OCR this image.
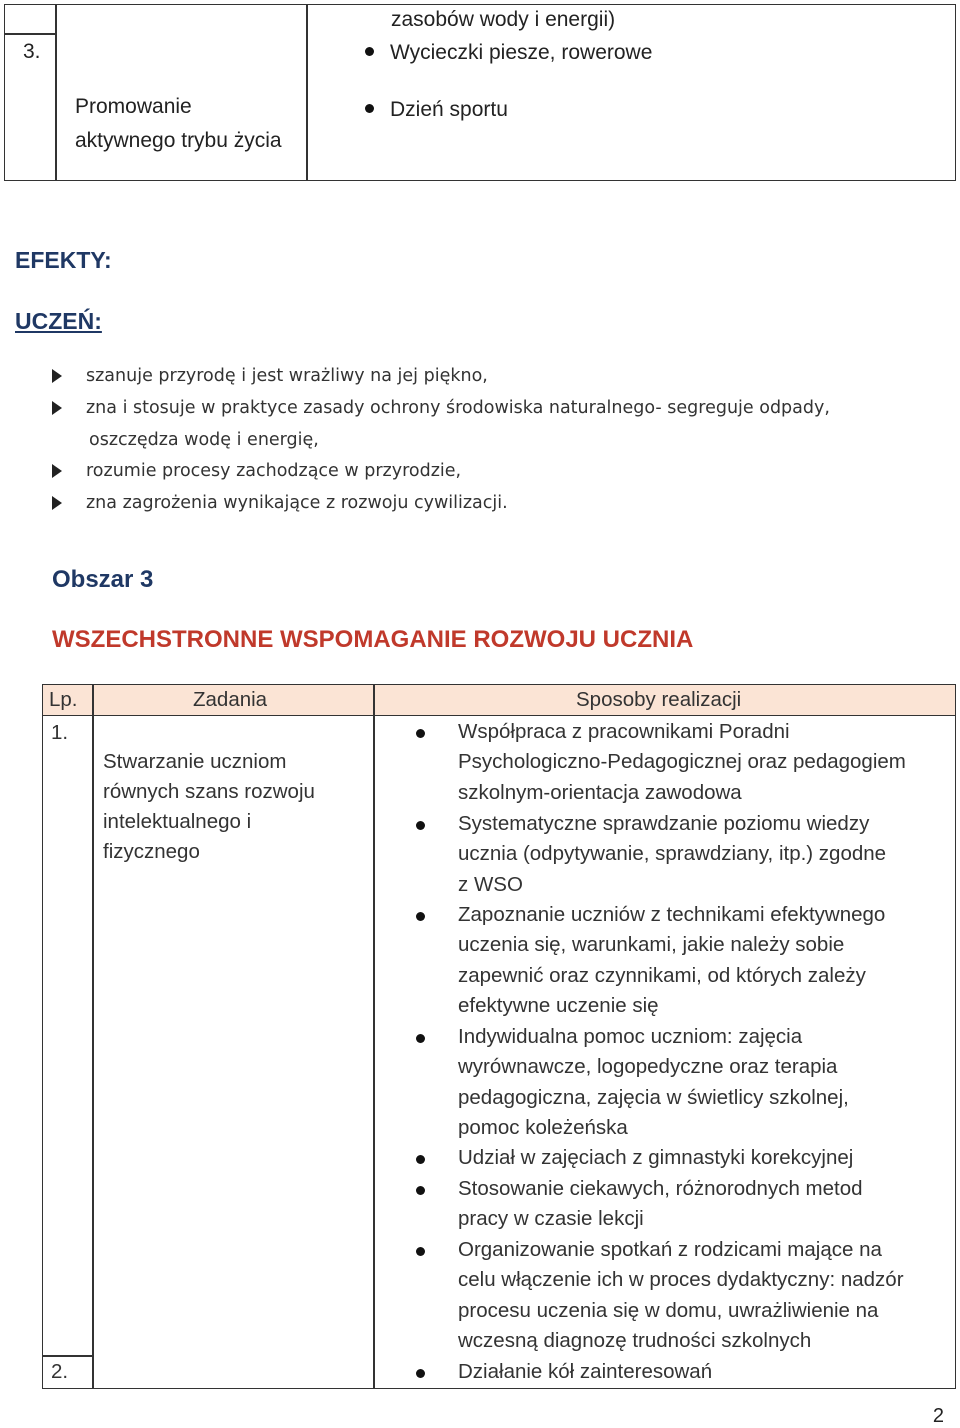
3.
zasobów wody i energii)
Wycieczki piesze, rowerowe
Dzień sportu
Promowanie
aktywnego trybu życia
EFEKTY:
UCZEŃ:
szanuje przyrodę i jest wrażliwy na jej piękno,
zna i stosuje w praktyce zasady ochrony środowiska naturalnego- segreguje odpady,
oszczędza wodę i energię,
rozumie procesy zachodzące w przyrodzie,
zna zagrożenia wynikające z rozwoju cywilizacji.
Obszar 3
WSZECHSTRONNE WSPOMAGANIE ROZWOJU UCZNIA
Lp.	Zadania	Sposoby realizacji
1.
Stwarzanie uczniom
równych szans rozwoju
intelektualnego i
fizycznego
2.
Współpraca z pracownikami Poradni
Psychologiczno-Pedagogicznej oraz pedagogiem
szkolnym-orientacja zawodowa
Systematyczne sprawdzanie poziomu wiedzy
ucznia (odpytywanie, sprawdziany, itp.) zgodne
z WSO
Zapoznanie uczniów z technikami efektywnego
uczenia się, warunkami, jakie należy sobie
zapewnić oraz czynnikami, od których zależy
efektywne uczenie się
Indywidualna pomoc uczniom: zajęcia
wyrównawcze, logopedyczne oraz terapia
pedagogiczna, zajęcia w świetlicy szkolnej,
pomoc koleżeńska
Udział w zajęciach z gimnastyki korekcyjnej
Stosowanie ciekawych, różnorodnych metod
pracy w czasie lekcji
Organizowanie spotkań z rodzicami mające na
celu włączenie ich w proces dydaktyczny: nadzór
procesu uczenia się w domu, uwrażliwienie na
wczesną diagnozę trudności szkolnych
Działanie kół zainteresowań
2
